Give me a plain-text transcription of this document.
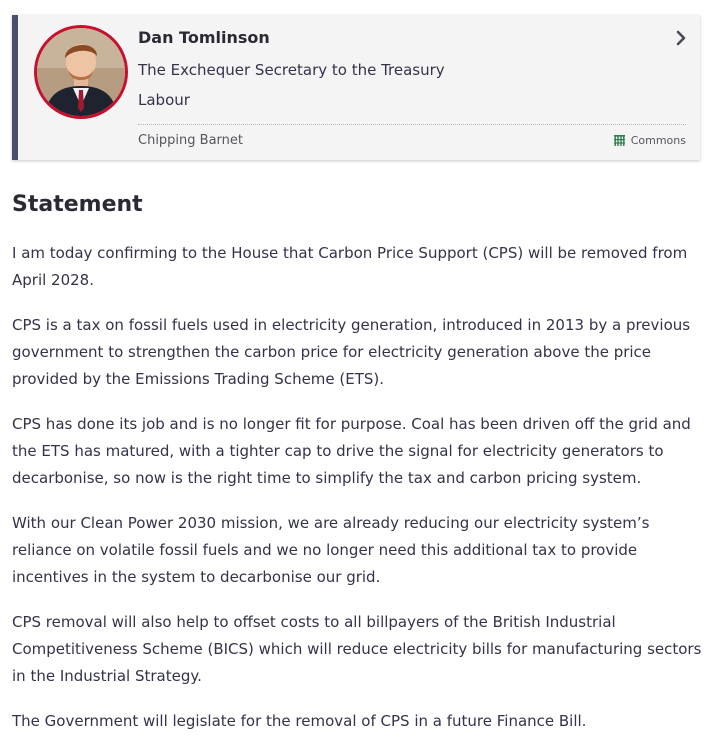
Dan Tomlinson
The Exchequer Secretary to the Treasury
Labour
Chipping Barnet	Commons
Statement

I am today confirming to the House that Carbon Price Support (CPS) will be removed from April 2028.

CPS is a tax on fossil fuels used in electricity generation, introduced in 2013 by a previous government to strengthen the carbon price for electricity generation above the price provided by the Emissions Trading Scheme (ETS).

CPS has done its job and is no longer fit for purpose. Coal has been driven off the grid and the ETS has matured, with a tighter cap to drive the signal for electricity generators to decarbonise, so now is the right time to simplify the tax and carbon pricing system.

With our Clean Power 2030 mission, we are already reducing our electricity system’s reliance on volatile fossil fuels and we no longer need this additional tax to provide incentives in the system to decarbonise our grid.

CPS removal will also help to offset costs to all billpayers of the British Industrial Competitiveness Scheme (BICS) which will reduce electricity bills for manufacturing sectors in the Industrial Strategy.

The Government will legislate for the removal of CPS in a future Finance Bill.
